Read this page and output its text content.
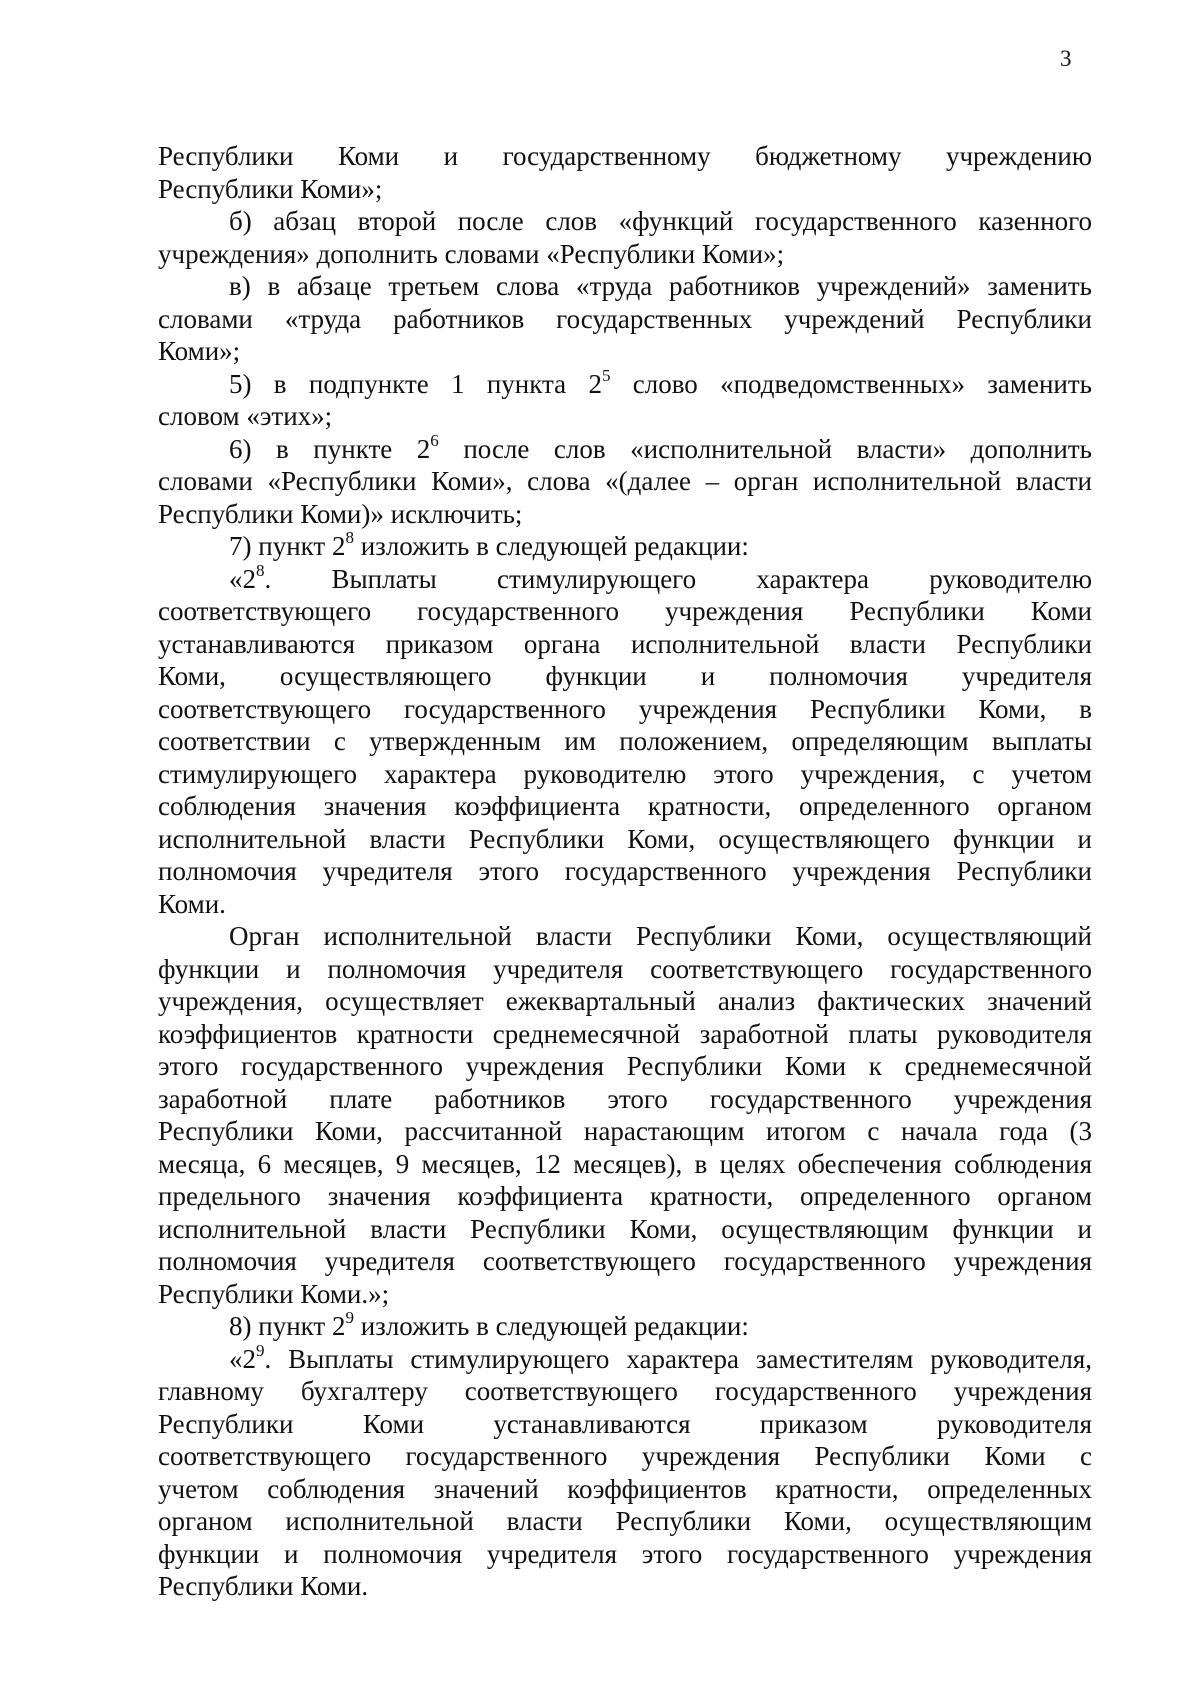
3
Республики Коми и государственному бюджетному учреждению
Республики Коми»;
б) абзац второй после слов «функций государственного казенного
учреждения» дополнить словами «Республики Коми»;
в) в абзаце третьем слова «труда работников учреждений» заменить
словами «труда работников государственных учреждений Республики
Коми»;
5) в подпункте 1 пункта $2^5$ слово «подведомственных» заменить
словом «этих»;
6) в пункте $2^6$ после слов «исполнительной власти» дополнить
словами «Республики Коми», слова «(далее – орган исполнительной власти
Республики Коми)» исключить;
7) пункт $2^8$ изложить в следующей редакции:
«$2^8$. Выплаты стимулирующего характера руководителю
соответствующего государственного учреждения Республики Коми
устанавливаются приказом органа исполнительной власти Республики
Коми, осуществляющего функции и полномочия учредителя
соответствующего государственного учреждения Республики Коми, в
соответствии с утвержденным им положением, определяющим выплаты
стимулирующего характера руководителю этого учреждения, с учетом
соблюдения значения коэффициента кратности, определенного органом
исполнительной власти Республики Коми, осуществляющего функции и
полномочия учредителя этого государственного учреждения Республики
Коми.
Орган исполнительной власти Республики Коми, осуществляющий
функции и полномочия учредителя соответствующего государственного
учреждения, осуществляет ежеквартальный анализ фактических значений
коэффициентов кратности среднемесячной заработной платы руководителя
этого государственного учреждения Республики Коми к среднемесячной
заработной плате работников этого государственного учреждения
Республики Коми, рассчитанной нарастающим итогом с начала года (3
месяца, 6 месяцев, 9 месяцев, 12 месяцев), в целях обеспечения соблюдения
предельного значения коэффициента кратности, определенного органом
исполнительной власти Республики Коми, осуществляющим функции и
полномочия учредителя соответствующего государственного учреждения
Республики Коми.»;
8) пункт $2^9$ изложить в следующей редакции:
«$2^9$. Выплаты стимулирующего характера заместителям руководителя,
главному бухгалтеру соответствующего государственного учреждения
Республики Коми устанавливаются приказом руководителя
соответствующего государственного учреждения Республики Коми с
учетом соблюдения значений коэффициентов кратности, определенных
органом исполнительной власти Республики Коми, осуществляющим
функции и полномочия учредителя этого государственного учреждения
Республики Коми.
